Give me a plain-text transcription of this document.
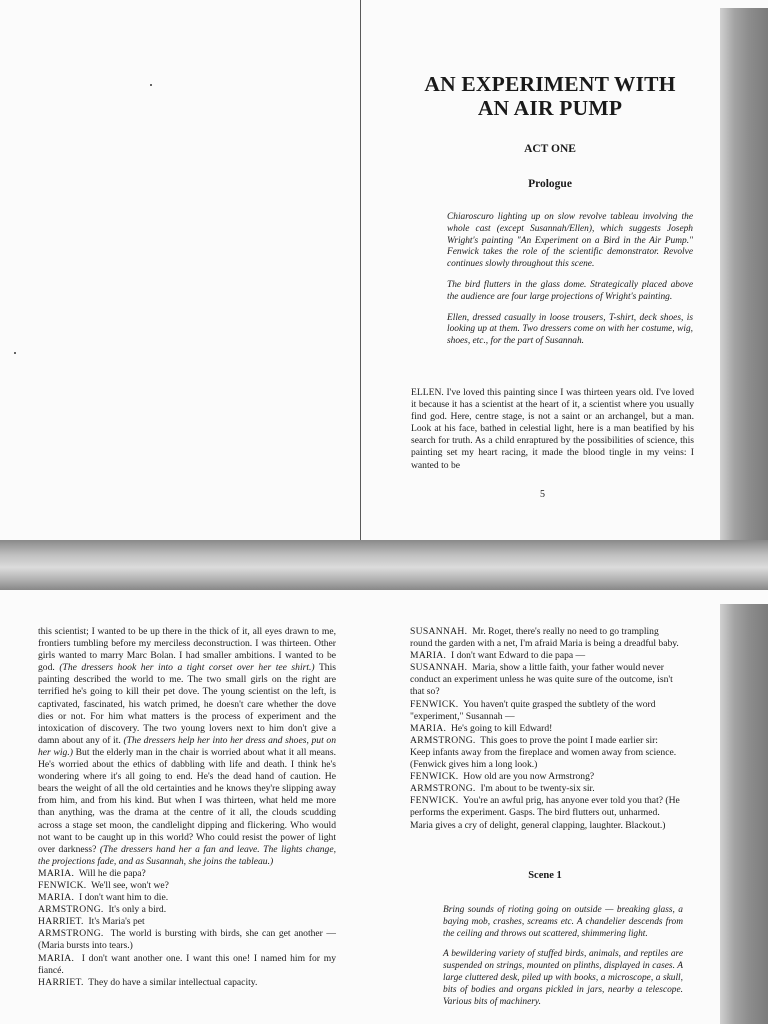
AN EXPERIMENT WITH
AN AIR PUMP
ACT ONE
Prologue

Chiaroscuro lighting up on slow revolve tableau involving the whole cast (except Susannah/Ellen), which suggests Joseph Wright's painting "An Experiment on a Bird in the Air Pump." Fenwick takes the role of the scientific demonstrator. Revolve continues slowly throughout this scene.

The bird flutters in the glass dome. Strategically placed above the audience are four large projections of Wright's painting.

Ellen, dressed casually in loose trousers, T-shirt, deck shoes, is looking up at them. Two dressers come on with her costume, wig, shoes, etc., for the part of Susannah.

ELLEN. I've loved this painting since I was thirteen years old. I've loved it because it has a scientist at the heart of it, a scientist where you usually find god. Here, centre stage, is not a saint or an archangel, but a man. Look at his face, bathed in celestial light, here is a man beatified by his search for truth. As a child enraptured by the possibilities of science, this painting set my heart racing, it made the blood tingle in my veins: I wanted to be
5
this scientist; I wanted to be up there in the thick of it, all eyes drawn to me, frontiers tumbling before my merciless deconstruction. I was thirteen. Other girls wanted to marry Marc Bolan. I had smaller ambitions. I wanted to be god. (The dressers hook her into a tight corset over her tee shirt.) This painting described the world to me. The two small girls on the right are terrified he's going to kill their pet dove. The young scientist on the left, is captivated, fascinated, his watch primed, he doesn't care whether the dove dies or not. For him what matters is the process of experiment and the intoxication of discovery. The two young lovers next to him don't give a damn about any of it. (The dressers help her into her dress and shoes, put on her wig.) But the elderly man in the chair is worried about what it all means. He's worried about the ethics of dabbling with life and death. I think he's wondering where it's all going to end. He's the dead hand of caution. He bears the weight of all the old certainties and he knows they're slipping away from him, and from his kind. But when I was thirteen, what held me more than anything, was the drama at the centre of it all, the clouds scudding across a stage set moon, the candlelight dipping and flickering. Who would not want to be caught up in this world? Who could resist the power of light over darkness? (The dressers hand her a fan and leave. The lights change, the projections fade, and as Susannah, she joins the tableau.)
MARIA. Will he die papa?
FENWICK. We'll see, won't we?
MARIA. I don't want him to die.
ARMSTRONG. It's only a bird.
HARRIET. It's Maria's pet
ARMSTRONG. The world is bursting with birds, she can get another — (Maria bursts into tears.)
MARIA. I don't want another one. I want this one! I named him for my fiancé.
HARRIET. They do have a similar intellectual capacity.
SUSANNAH. Mr. Roget, there's really no need to go trampling round the garden with a net, I'm afraid Maria is being a dreadful baby.
MARIA. I don't want Edward to die papa —
SUSANNAH. Maria, show a little faith, your father would never conduct an experiment unless he was quite sure of the outcome, isn't that so?
FENWICK. You haven't quite grasped the subtlety of the word "experiment," Susannah —
MARIA. He's going to kill Edward!
ARMSTRONG. This goes to prove the point I made earlier sir: Keep infants away from the fireplace and women away from science. (Fenwick gives him a long look.)
FENWICK. How old are you now Armstrong?
ARMSTRONG. I'm about to be twenty-six sir.
FENWICK. You're an awful prig, has anyone ever told you that? (He performs the experiment. Gasps. The bird flutters out, unharmed. Maria gives a cry of delight, general clapping, laughter. Blackout.)
Scene 1

Bring sounds of rioting going on outside — breaking glass, a baying mob, crashes, screams etc. A chandelier descends from the ceiling and throws out scattered, shimmering light.

A bewildering variety of stuffed birds, animals, and reptiles are suspended on strings, mounted on plinths, displayed in cases. A large cluttered desk, piled up with books, a microscope, a skull, bits of bodies and organs pickled in jars, nearby a telescope. Various bits of machinery.
